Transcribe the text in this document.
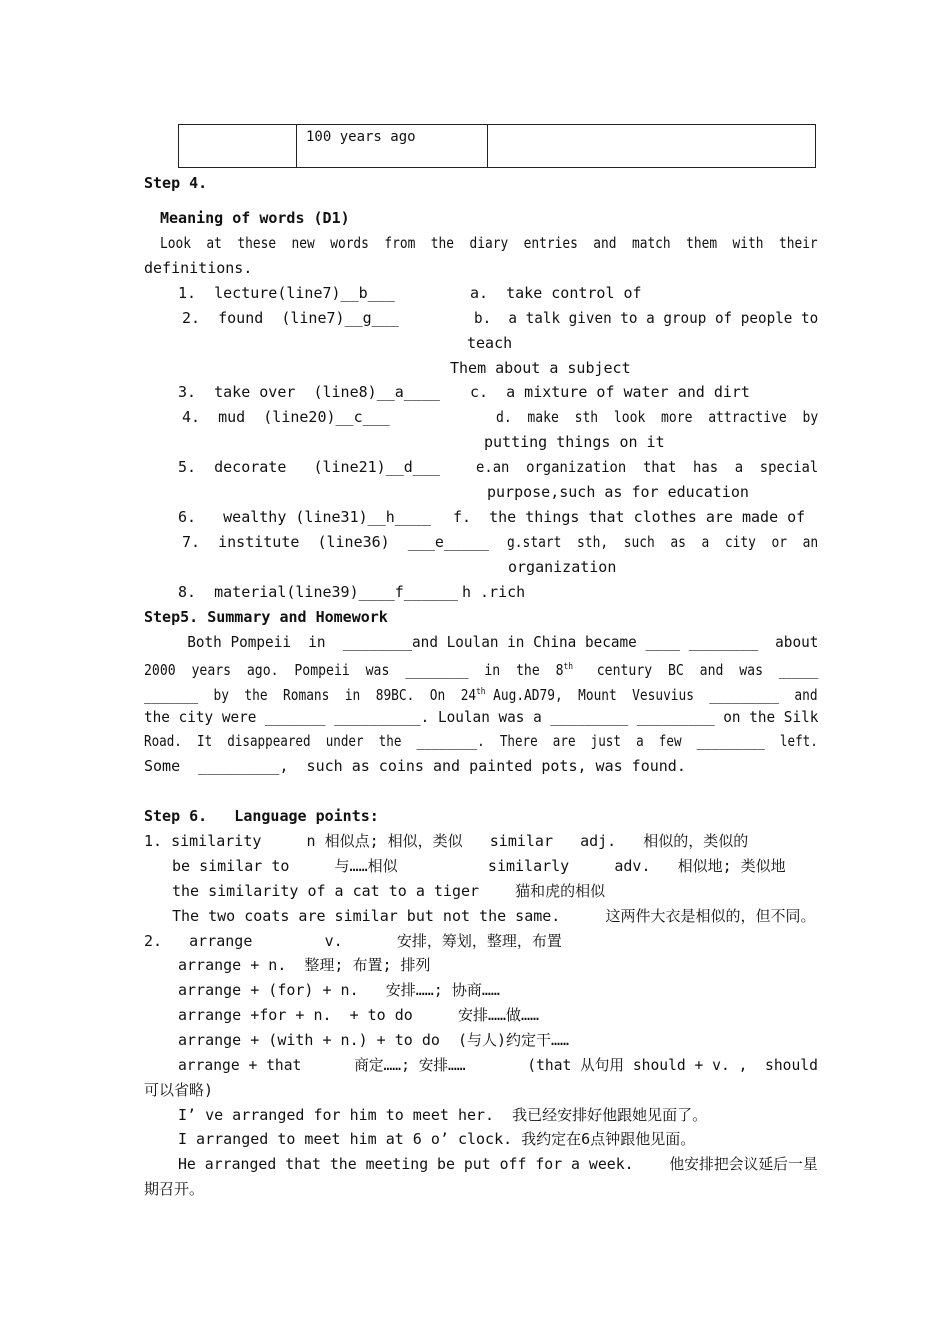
100 years ago
Step 4.
Meaning of words (D1)
Look  at  these  new  words  from  the  diary  entries  and  match  them  with  their
definitions.
1.  lecture(line7)__b___
2.  found  (line7)__g___
3.  take over  (line8)__a____
4.  mud  (line20)__c___
5.  decorate   (line21)__d___
6.   wealthy (line31)__h____
7.  institute  (line36)  ___e_____
8.  material(line39)____f______
a.  take control of
b.  a talk given to a group of people to
teach
Them about a subject
c.  a mixture of water and dirt
d.  make  sth  look  more  attractive  by
putting things on it
e.an  organization  that  has  a  special
purpose,such as for education
f.  the things that clothes are made of
g.start  sth,  such  as  a  city  or  an
organization
h .rich
Step5. Summary and Homework
Both Pompeii  in  ________and Loulan in China became ____ ________  about
2000  years  ago.  Pompeii  was  ________  in  the  8th   century  BC  and  was  _____
_______  by  the  Romans  in  89BC.  On  24th Aug.AD79,  Mount  Vesuvius  _________  and
the city were _______ __________. Loulan was a _________ _________ on the Silk
Road.  It  disappeared  under  the  ________.  There  are  just  a  few  _________  left.
Some  _________,  such as coins and painted pots, was found.
Step 6.   Language points:
1. similarity     n 相似点; 相似，类似   similar   adj.   相似的，类似的
be similar to     与……相似          similarly     adv.   相似地; 类似地
the similarity of a cat to a tiger    猫和虎的相似
The two coats are similar but not the same.     这两件大衣是相似的，但不同。
2.   arrange        v.      安排，筹划，整理，布置
arrange + n.  整理; 布置; 排列
arrange + (for) + n.   安排……; 协商……
arrange +for + n.  + to do     安排……做……
arrange + (with + n.) + to do  (与人)约定干……
arrange + that      商定……; 安排……       (that 从句用 should + v. ,  should
可以省略)
I’ ve arranged for him to meet her.  我已经安排好他跟她见面了。
I arranged to meet him at 6 o’ clock. 我约定在6点钟跟他见面。
He arranged that the meeting be put off for a week.    他安排把会议延后一星
期召开。
